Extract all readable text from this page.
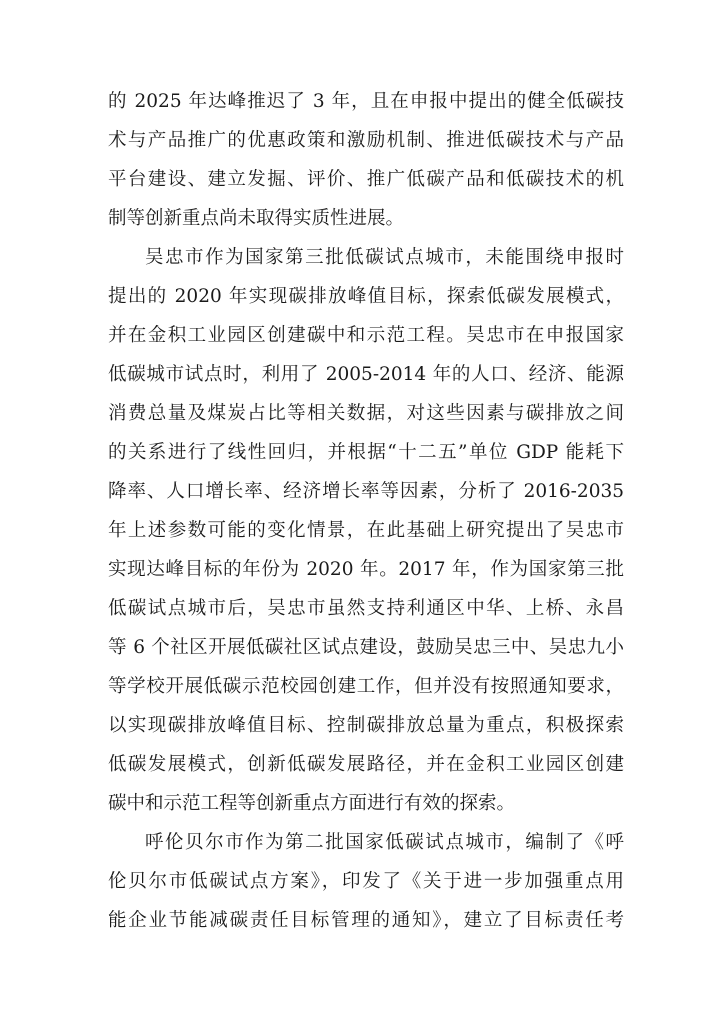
的 2025 年达峰推迟了 3 年，且在申报中提出的健全低碳技
术与产品推广的优惠政策和激励机制、推进低碳技术与产品
平台建设、建立发掘、评价、推广低碳产品和低碳技术的机
制等创新重点尚未取得实质性进展。
吴忠市作为国家第三批低碳试点城市，未能围绕申报时
提出的 2020 年实现碳排放峰值目标，探索低碳发展模式，
并在金积工业园区创建碳中和示范工程。吴忠市在申报国家
低碳城市试点时，利用了 2005-2014 年的人口、经济、能源
消费总量及煤炭占比等相关数据，对这些因素与碳排放之间
的关系进行了线性回归，并根据“十二五”单位 GDP 能耗下
降率、人口增长率、经济增长率等因素，分析了 2016-2035
年上述参数可能的变化情景，在此基础上研究提出了吴忠市
实现达峰目标的年份为 2020 年。2017 年，作为国家第三批
低碳试点城市后，吴忠市虽然支持利通区中华、上桥、永昌
等 6 个社区开展低碳社区试点建设，鼓励吴忠三中、吴忠九小
等学校开展低碳示范校园创建工作，但并没有按照通知要求，
以实现碳排放峰值目标、控制碳排放总量为重点，积极探索
低碳发展模式，创新低碳发展路径，并在金积工业园区创建
碳中和示范工程等创新重点方面进行有效的探索。
呼伦贝尔市作为第二批国家低碳试点城市，编制了《呼
伦贝尔市低碳试点方案》，印发了《关于进一步加强重点用
能企业节能减碳责任目标管理的通知》，建立了目标责任考
